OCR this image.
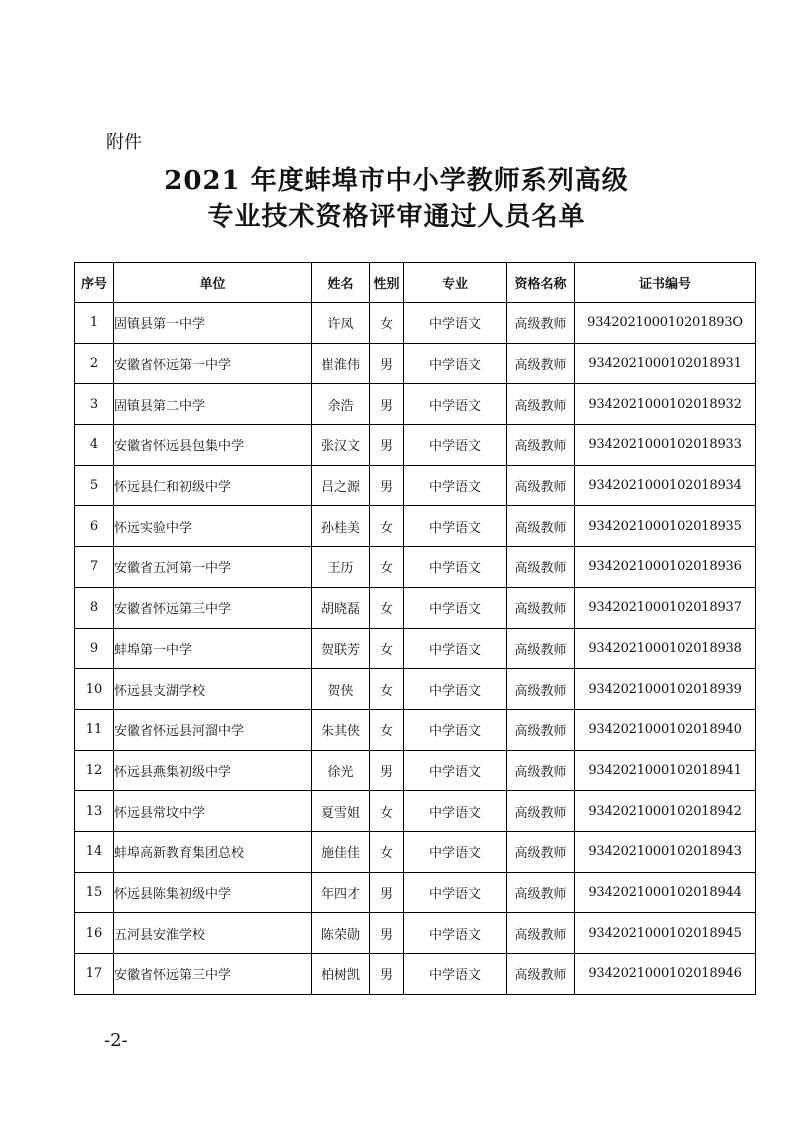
附件
2021 年度蚌埠市中小学教师系列高级
专业技术资格评审通过人员名单
序号	单位	姓名	性别	专业	资格名称	证书编号
1	固镇县第一中学	许凤	女	中学语文	高级教师	934202100010201893O
2	安徽省怀远第一中学	崔淮伟	男	中学语文	高级教师	9342021000102018931
3	固镇县第二中学	余浩	男	中学语文	高级教师	9342021000102018932
4	安徽省怀远县包集中学	张汉文	男	中学语文	高级教师	9342021000102018933
5	怀远县仁和初级中学	吕之源	男	中学语文	高级教师	9342021000102018934
6	怀远实验中学	孙桂美	女	中学语文	高级教师	9342021000102018935
7	安徽省五河第一中学	王历	女	中学语文	高级教师	9342021000102018936
8	安徽省怀远第三中学	胡晓磊	女	中学语文	高级教师	9342021000102018937
9	蚌埠第一中学	贺联芳	女	中学语文	高级教师	9342021000102018938
10	怀远县支湖学校	贺侠	女	中学语文	高级教师	9342021000102018939
11	安徽省怀远县河溜中学	朱其侠	女	中学语文	高级教师	9342021000102018940
12	怀远县燕集初级中学	徐光	男	中学语文	高级教师	9342021000102018941
13	怀远县常坟中学	夏雪姐	女	中学语文	高级教师	9342021000102018942
14	蚌埠高新教育集团总校	施佳佳	女	中学语文	高级教师	9342021000102018943
15	怀远县陈集初级中学	年四才	男	中学语文	高级教师	9342021000102018944
16	五河县安淮学校	陈荣勋	男	中学语文	高级教师	9342021000102018945
17	安徽省怀远第三中学	柏树凯	男	中学语文	高级教师	9342021000102018946
-2-
